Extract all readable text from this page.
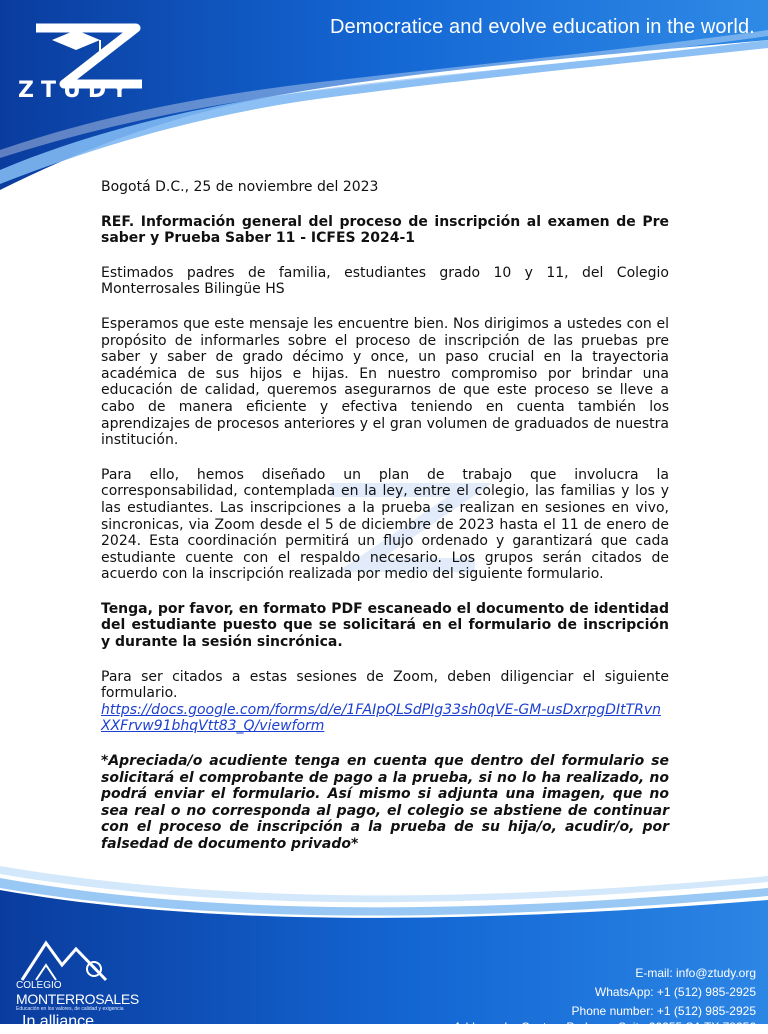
Democratice and evolve education in the world.
ZTUDY

Bogotá D.C., 25 de noviembre del 2023

REF. Información general del proceso de inscripción al examen de Pre saber y Prueba Saber 11 - ICFES 2024-1

Estimados padres de familia, estudiantes grado 10 y 11, del Colegio Monterrosales Bilingüe HS

Esperamos que este mensaje les encuentre bien. Nos dirigimos a ustedes con el propósito de informarles sobre el proceso de inscripción de las pruebas pre saber y saber de grado décimo y once, un paso crucial en la trayectoria académica de sus hijos e hijas. En nuestro compromiso por brindar una educación de calidad, queremos asegurarnos de que este proceso se lleve a cabo de manera eficiente y efectiva teniendo en cuenta también los aprendizajes de procesos anteriores y el gran volumen de graduados de nuestra institución.

Para ello, hemos diseñado un plan de trabajo que involucra la corresponsabilidad, contemplada en la ley, entre el colegio, las familias y los y las estudiantes. Las inscripciones a la prueba se realizan en sesiones en vivo, sincronicas, via Zoom desde el 5 de diciembre de 2023 hasta el 11 de enero de 2024. Esta coordinación permitirá un flujo ordenado y garantizará que cada estudiante cuente con el respaldo necesario. Los grupos serán citados de acuerdo con la inscripción realizada por medio del siguiente formulario.

Tenga, por favor, en formato PDF escaneado el documento de identidad del estudiante puesto que se solicitará en el formulario de inscripción y durante la sesión sincrónica.

Para ser citados a estas sesiones de Zoom, deben diligenciar el siguiente formulario.

https://docs.google.com/forms/d/e/1FAIpQLSdPIg33sh0qVE-GM-usDxrpgDItTRvnXXFrvw91bhqVtt83_Q/viewform

*Apreciada/o acudiente tenga en cuenta que dentro del formulario se solicitará el comprobante de pago a la prueba, si no lo ha realizado, no podrá enviar el formulario. Así mismo si adjunta una imagen, que no sea real o no corresponda al pago, el colegio se abstiene de continuar con el proceso de inscripción a la prueba de su hija/o, acudir/o, por falsedad de documento privado*

COLEGIO
MONTERROSALES
Educación en los valores, de calidad y exigencia
In alliance
E-mail: info@ztudy.org
WhatsApp: +1 (512) 985-2925
Phone number: +1 (512) 985-2925
Address: Lo Century Parkway, Suite 20255 SA TX 78256
